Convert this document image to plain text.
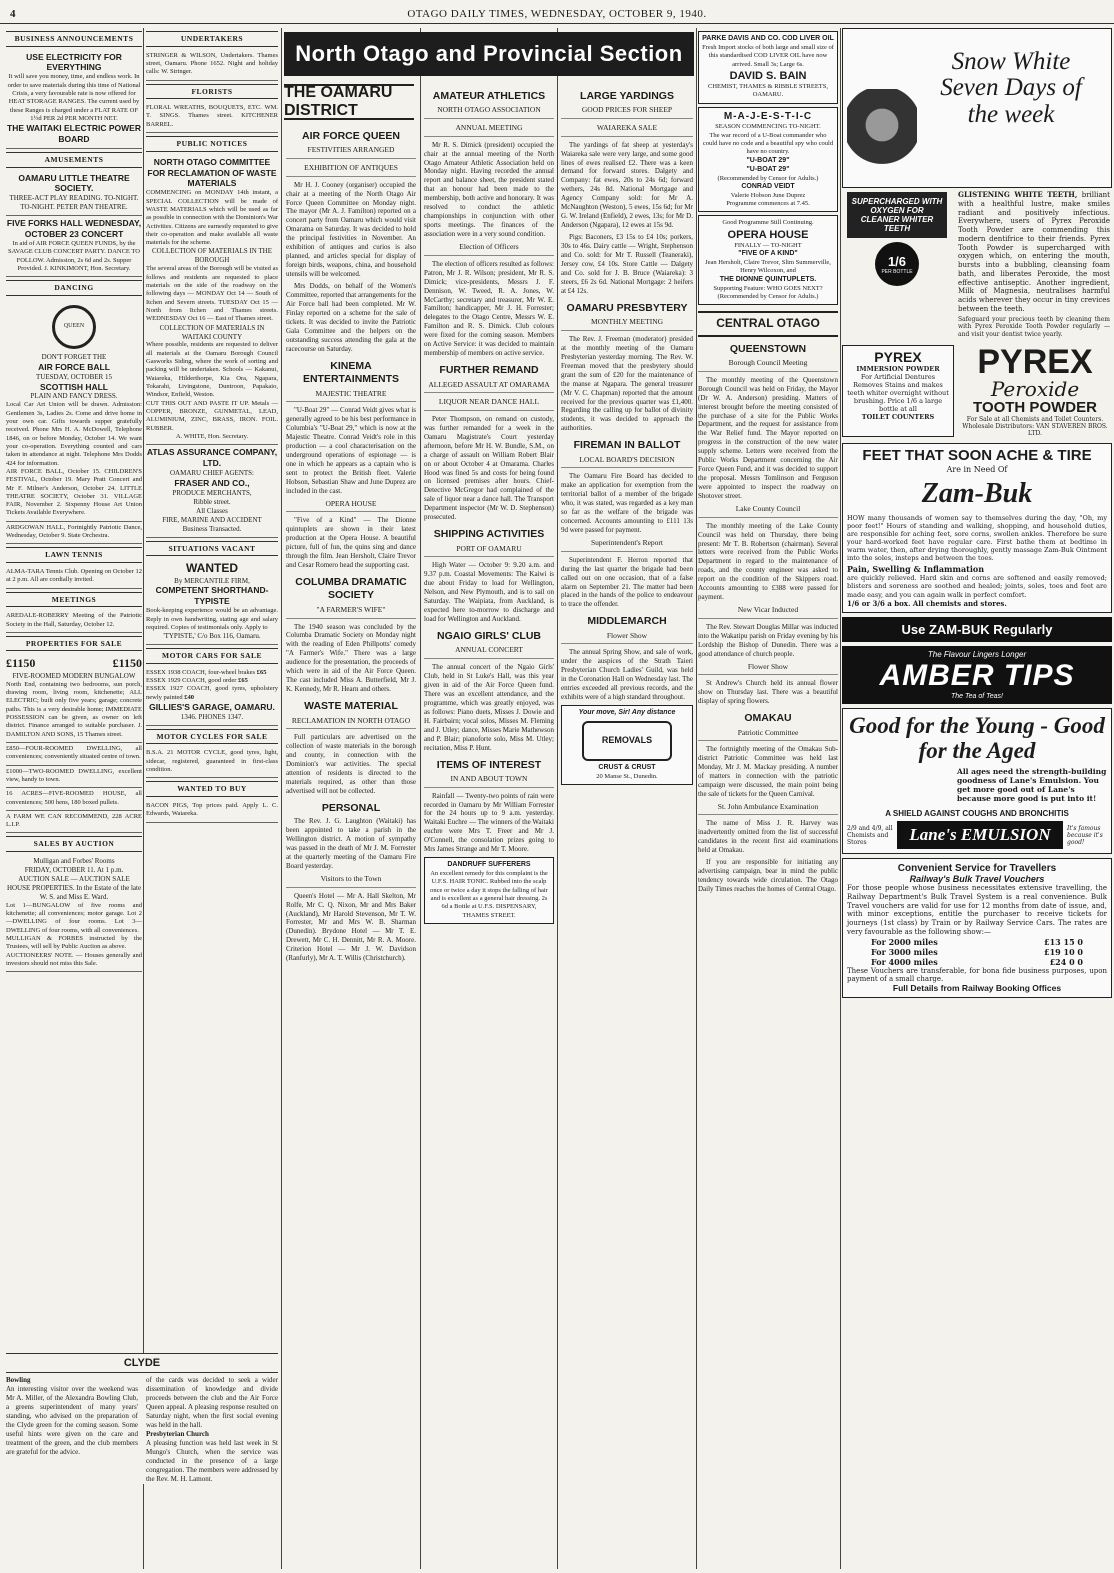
4	OTAGO DAILY TIMES, WEDNESDAY, OCTOBER 9, 1940.
BUSINESS ANNOUNCEMENTS
USE ELECTRICITY FOR EVERYTHING
It will save you money, time, and endless work. In order to save materials during this time of National Crisis, a very favourable rate is now offered for HEAT STORAGE RANGES. The current used by these Ranges is charged under a FLAT RATE OF 1½d PER 2d PER MONTH NET.
THE WAITAKI ELECTRIC POWER BOARD
AMUSEMENTS
OAMARU LITTLE THEATRE SOCIETY.
THREE-ACT PLAY READING. TO-NIGHT. TO-NIGHT. PETER PAN THEATRE.
FIVE FORKS HALL WEDNESDAY, OCTOBER 23 CONCERT
In aid of AIR FORCE QUEEN FUNDS, by the SAVAGE CLUB CONCERT PARTY. DANCE TO FOLLOW. Admission, 2s 6d and 2s. Supper Provided. J. KINKIMONT, Hon. Secretary.
DANCING
QUEEN
DON'T FORGET THE
AIR FORCE BALL
TUESDAY, OCTOBER 15
SCOTTISH HALL
PLAIN AND FANCY DRESS.
Local Car Art Union will be drawn. Admission: Gentlemen 3s, Ladies 2s. Come and drive home in your own car. Gifts towards supper gratefully received. Phone Mrs H. A. McDowell, Telephone 1846, on or before Monday, October 14. We want your co-operation. Everything counted and cars taken in attendance at night. Telephone Mrs Dodds 424 for information.
AIR FORCE BALL, October 15. CHILDREN'S FESTIVAL, October 19. Mary Pratt Concert and Mr F. Milner's Anderson, October 24. LITTLE THEATRE SOCIETY, October 31. VILLAGE FAIR, November 2. Sixpenny House Art Union Tickets Available Everywhere.
ARDGOWAN HALL, Fortnightly Patriotic Dance, Wednesday, October 9. State Orchestra.
LAWN TENNIS
ALMA-TARA Tennis Club. Opening on October 12 at 2 p.m. All are cordially invited.
MEETINGS
AREDALE-ROBERRY Meeting of the Patriotic Society in the Hall, Saturday, October 12.
PROPERTIES FOR SALE
£1150	£1150
FIVE-ROOMED MODERN BUNGALOW
North End, containing two bedrooms, sun porch, drawing room, living room, kitchenette; ALL ELECTRIC; built only five years; garage; concrete paths. This is a very desirable home; IMMEDIATE POSSESSION can be given, as owner on left district. Finance arranged to suitable purchaser. J. DAMILTON AND SONS, 15 Thames street.
£850—FOUR-ROOMED DWELLING, all conveniences; conveniently situated centre of town.
£1000—TWO-ROOMED DWELLING, excellent view, handy to town.
16 ACRES—FIVE-ROOMED HOUSE, all conveniences; 500 hens, 180 boxed pullets.
A FARM WE CAN RECOMMEND, 228 ACRE L.I.P.
SALES BY AUCTION
Mulligan and Forbes' Rooms
FRIDAY, OCTOBER 11. At 1 p.m.
AUCTION SALE — AUCTION SALE HOUSE PROPERTIES. In the Estate of the late W. S. and Miss E. Ward.
Lot 1—BUNGALOW of five rooms and kitchenette; all conveniences; motor garage. Lot 2—DWELLING of four rooms. Lot 3—DWELLING of four rooms, with all conveniences.
MULLIGAN & FORBES instructed by the Trustees, will sell by Public Auction as above.
AUCTIONEERS' NOTE. — Houses generally and investors should not miss this Sale.
UNDERTAKERS
STRINGER & WILSON, Undertakers. Thames street, Oamaru. Phone 1652. Night and holiday calls: W. Stringer.
FLORISTS
FLORAL WREATHS, BOUQUETS, ETC. WM. T. SINGS. Thames street. KITCHENER BARREL.
PUBLIC NOTICES
NORTH OTAGO COMMITTEE FOR RECLAMATION OF WASTE MATERIALS
COMMENCING on MONDAY 14th instant, a SPECIAL COLLECTION will be made of WASTE MATERIALS which will be used as far as possible in connection with the Dominion's War Activities. Citizens are earnestly requested to give their co-operation and make available all waste materials for the scheme.
COLLECTION OF MATERIALS IN THE BOROUGH
The several areas of the Borough will be visited as follows and residents are requested to place materials on the side of the roadway on the following days — MONDAY Oct 14 — South of Itchen and Severn streets. TUESDAY Oct 15 — North from Itchen and Thames streets. WEDNESDAY Oct 16 — East of Thames street.
COLLECTION OF MATERIALS IN WAITAKI COUNTY
Where possible, residents are requested to deliver all materials at the Oamaru Borough Council Gasworks Siding, where the work of sorting and packing will be undertaken. Schools — Kakanui, Waiareka, Hilderthorpe, Kia Ora, Ngapara, Tokarahi, Livingstone, Duntroon, Papakaio, Windsor, Enfield, Weston.
CUT THIS OUT AND PASTE IT UP. Metals — COPPER, BRONZE, GUNMETAL, LEAD, ALUMINIUM, ZINC, BRASS, IRON. FOIL. RUBBER.
A. WHITE, Hon. Secretary.
ATLAS ASSURANCE COMPANY, LTD.
OAMARU CHIEF AGENTS:
FRASER AND CO.,
PRODUCE MERCHANTS,
Ribble street.
All Classes
FIRE, MARINE AND ACCIDENT
Business Transacted.
SITUATIONS VACANT
WANTED
By MERCANTILE FIRM,
COMPETENT SHORTHAND-TYPISTE
Book-keeping experience would be an advantage. Reply in own handwriting, stating age and salary required. Copies of testimonials only. Apply to
'TYPISTE,' C/o Box 116, Oamaru.
MOTOR CARS FOR SALE
ESSEX 1938 COACH, four-wheel brakes £65
ESSEX 1929 COACH, good order £65
ESSEX 1927 COACH, good tyres, upholstery newly painted £40
GILLIES'S GARAGE, OAMARU.
1346. PHONES 1347.
MOTOR CYCLES FOR SALE
B.S.A. 21 MOTOR CYCLE, good tyres, light, sidecar, registered, guaranteed in first-class condition.
WANTED TO BUY
BACON PIGS, Top prices paid. Apply L. C. Edwards, Waiareka.
North Otago and Provincial Section
THE OAMARU DISTRICT
AIR FORCE QUEEN
FESTIVITIES ARRANGED
EXHIBITION OF ANTIQUES
Mr H. J. Cooney (organiser) occupied the chair at a meeting of the North Otago Air Force Queen Committee on Monday night. The mayor (Mr A. J. Familton) reported on a concert party from Oamaru which would visit Omarama on Saturday. It was decided to hold the principal festivities in November. An exhibition of antiques and curios is also planned, and articles special for display of foreign birds, weapons, china, and household utensils will be welcomed.
Mrs Dodds, on behalf of the Women's Committee, reported that arrangements for the Air Force ball had been completed. Mr W. Finlay reported on a scheme for the sale of tickets. It was decided to invite the Patriotic Gala Committee and the helpers on the outstanding success attending the gala at the racecourse on Saturday.
KINEMA ENTERTAINMENTS
MAJESTIC THEATRE
"U-Boat 29" — Conrad Veidt gives what is generally agreed to be his best performance in Columbia's "U-Boat 29," which is now at the Majestic Theatre. Conrad Veidt's role in this production — a cool characterisation on the underground operations of espionage — is one in which he appears as a captain who is sent to protect the British fleet. Valerie Hobson, Sebastian Shaw and June Duprez are included in the cast.
OPERA HOUSE
"Five of a Kind" — The Dionne quintuplets are shown in their latest production at the Opera House. A beautiful picture, full of fun, the quins sing and dance through the film. Jean Hersholt, Claire Trevor and Cesar Romero head the supporting cast.
COLUMBA DRAMATIC SOCIETY
"A FARMER'S WIFE"
The 1940 season was concluded by the Columba Dramatic Society on Monday night with the reading of Eden Phillpotts' comedy "A Farmer's Wife." There was a large audience for the presentation, the proceeds of which were in aid of the Air Force Queen. The cast included Miss A. Butterfield, Mr J. K. Kennedy, Mr R. Hearn and others.
WASTE MATERIAL
RECLAMATION IN NORTH OTAGO
Full particulars are advertised on the collection of waste materials in the borough and county, in connection with the Dominion's war activities. The special attention of residents is directed to the materials required, as other than those advertised will not be collected.
PERSONAL
The Rev. J. G. Laughton (Waitaki) has been appointed to take a parish in the Wellington district. A motion of sympathy was passed in the death of Mr J. M. Forrester at the quarterly meeting of the Oamaru Fire Board yesterday.
Visitors to the Town
Queen's Hotel — Mr A. Hall Skelton, Mr Rolfe, Mr C. Q. Nixon, Mr and Mrs Baker (Auckland), Mr Harold Stevenson, Mr T. W. Forrester, Mr and Mrs W. B. Sharman (Dunedin). Brydone Hotel — Mr T. E. Drewett, Mr C. H. Dennitt, Mr R. A. Moore. Criterion Hotel — Mr J. W. Davidson (Ranfurly), Mr A. T. Willis (Christchurch).
AMATEUR ATHLETICS
NORTH OTAGO ASSOCIATION
ANNUAL MEETING
Mr R. S. Dimick (president) occupied the chair at the annual meeting of the North Otago Amateur Athletic Association held on Monday night. Having recorded the annual report and balance sheet, the president stated that an honour had been made to the membership, both active and honorary. It was resolved to conduct the athletic championships in conjunction with other sports meetings. The finances of the association were in a very sound condition.
Election of Officers
The election of officers resulted as follows: Patron, Mr J. R. Wilson; president, Mr R. S. Dimick; vice-presidents, Messrs J. F. Dennison, W. Tweed, R. A. Jones, W. McCarthy; secretary and treasurer, Mr W. E. Familton; handicapper, Mr J. H. Forrester; delegates to the Otago Centre, Messrs W. E. Familton and R. S. Dimick. Club colours were fixed for the coming season. Members on Active Service: it was decided to maintain membership of members on active service.
FURTHER REMAND
ALLEGED ASSAULT AT OMARAMA
LIQUOR NEAR DANCE HALL
Peter Thompson, on remand on custody, was further remanded for a week in the Oamaru Magistrate's Court yesterday afternoon, before Mr H. W. Bundle, S.M., on a charge of assault on William Robert Blair on or about October 4 at Omarama. Charles Hood was fined 5s and costs for being found on licensed premises after hours. Chief-Detective McGregor had complained of the sale of liquor near a dance hall. The Transport Department inspector (Mr W. D. Stephenson) prosecuted.
SHIPPING ACTIVITIES
PORT OF OAMARU
High Water — October 9: 9.20 a.m. and 9.37 p.m. Coastal Movements: The Kaiwi is due about Friday to load for Wellington, Nelson, and New Plymouth, and is to sail on Saturday. The Waipiata, from Auckland, is expected here to-morrow to discharge and load for Wellington and Auckland.
NGAIO GIRLS' CLUB
ANNUAL CONCERT
The annual concert of the Ngaio Girls' Club, held in St Luke's Hall, was this year given in aid of the Air Force Queen fund. There was an excellent attendance, and the programme, which was greatly enjoyed, was as follows: Piano duets, Misses J. Dowie and H. Fairbairn; vocal solos, Misses M. Fleming and J. Utley; dance, Misses Marie Mathewson and P. Blair; pianoforte solo, Miss M. Utley; recitation, Miss P. Hunt.
ITEMS OF INTEREST
IN AND ABOUT TOWN
Rainfall — Twenty-two points of rain were recorded in Oamaru by Mr William Forrester for the 24 hours up to 9 a.m. yesterday. Waitaki Euchre — The winners of the Waitaki euchre were Mrs T. Freer and Mr J. O'Connell, the consolation prizes going to Mrs James Strange and Mr T. Moore.
DANDRUFF SUFFERERS
An excellent remedy for this complaint is the U.F.S. HAIR TONIC. Rubbed into the scalp once or twice a day it stops the falling of hair and is excellent as a general hair dressing. 2s 6d a Bottle at U.F.S. DISPENSARY, THAMES STREET.
LARGE YARDINGS
GOOD PRICES FOR SHEEP
WAIAREKA SALE
The yardings of fat sheep at yesterday's Waiareka sale were very large, and some good lines of ewes realised £2. There was a keen demand for forward stores. Dalgety and Company: fat ewes, 20s to 24s 6d; forward wethers, 24s 8d. National Mortgage and Agency Company sold: for Mr A. McNaughton (Weston), 5 ewes, 15s 6d; for Mr G. W. Ireland (Enfield), 2 ewes, 13s; for Mr D. Anderson (Ngapara), 12 ewes at 15s 9d.
Pigs: Baconers, £3 15s to £4 10s; porkers, 30s to 46s. Dairy cattle — Wright, Stephenson and Co. sold: for Mr T. Russell (Teaneraki), Jersey cow, £4 10s. Store Cattle — Dalgety and Co. sold for J. B. Bruce (Waiareka): 3 steers, £6 2s 6d. National Mortgage: 2 heifers at £4 12s.
OAMARU PRESBYTERY
MONTHLY MEETING
The Rev. J. Freeman (moderator) presided at the monthly meeting of the Oamaru Presbyterian yesterday morning. The Rev. W. Freeman moved that the presbytery should grant the sum of £20 for the maintenance of the manse at Ngapara. The general treasurer (Mr V. C. Chapman) reported that the amount received for the previous quarter was £1,400. Regarding the calling up for ballot of divinity students, it was decided to approach the authorities.
FIREMAN IN BALLOT
LOCAL BOARD'S DECISION
The Oamaru Fire Board has decided to make an application for exemption from the territorial ballot of a member of the brigade who, it was stated, was regarded as a key man so far as the welfare of the brigade was concerned. Accounts amounting to £111 13s 9d were passed for payment.
Superintendent's Report
Superintendent F. Herron reported that during the last quarter the brigade had been called out on one occasion, that of a false alarm on September 21. The matter had been placed in the hands of the police to endeavour to trace the offender.
MIDDLEMARCH
Flower Show
The annual Spring Show, and sale of work, under the auspices of the Strath Taieri Presbyterian Church Ladies' Guild, was held in the Coronation Hall on Wednesday last. The entries exceeded all previous records, and the exhibits were of a high standard throughout.
Your move, Sir! Any distance
REMOVALS
CRUST & CRUST
20 Manse St., Dunedin.
PARKE DAVIS AND CO. COD LIVER OIL
Fresh Import stocks of both large and small size of this standardised COD LIVER OIL have now arrived. Small 3s; Large 6s.
DAVID S. BAIN
CHEMIST, THAMES & RIBBLE STREETS, OAMARU.
M-A-J-E-S-T-I-C
SEASON COMMENCING TO-NIGHT.
The war record of a U-Boat commander who could have no code and a beautiful spy who could have no country.
"U-BOAT 29"
"U-BOAT 29"
(Recommended by Censor for Adults.)
CONRAD VEIDT
Valerie Hobson June Duprez
Programme commences at 7.45.
Good Programme Still Continuing.
OPERA HOUSE
FINALLY — TO-NIGHT
"FIVE OF A KIND"
Jean Hersholt, Claire Trevor, Slim Summerville, Henry Wilcoxon, and
THE DIONNE QUINTUPLETS.
Supporting Feature: WHO GOES NEXT?
(Recommended by Censor for Adults.)
CENTRAL OTAGO
QUEENSTOWN
Borough Council Meeting
The monthly meeting of the Queenstown Borough Council was held on Friday, the Mayor (Dr W. A. Anderson) presiding. Matters of interest brought before the meeting consisted of the purchase of a site for the Public Works Department, and the request for assistance from the War Relief fund. The Mayor reported on progress in the construction of the new water supply scheme. Letters were received from the Public Works Department concerning the Air Force Queen Fund, and it was decided to support the proposal. Messrs Tomlinson and Ferguson were appointed to inspect the roadway on Shotover street.
Lake County Council
The monthly meeting of the Lake County Council was held on Thursday, there being present: Mr T. B. Robertson (chairman). Several letters were received from the Public Works Department in regard to the maintenance of roads, and the county engineer was asked to report on the condition of the Skippers road. Accounts amounting to £388 were passed for payment.
New Vicar Inducted
The Rev. Stewart Douglas Millar was inducted into the Wakatipu parish on Friday evening by his Lordship the Bishop of Dunedin. There was a good attendance of church people.
Flower Show
St Andrew's Church held its annual flower show on Thursday last. There was a beautiful display of spring flowers.
OMAKAU
Patriotic Committee
The fortnightly meeting of the Omakau Sub-district Patriotic Committee was held last Monday, Mr J. M. Mackay presiding. A number of matters in connection with the patriotic campaign were discussed, the main point being the sale of tickets for the Queen Carnival.
St. John Ambulance Examination
The name of Miss J. R. Harvey was inadvertently omitted from the list of successful candidates in the recent first aid examinations held at Omakau.
If you are responsible for initiating any advertising campaign, bear in mind the public tendency towards wide circulation. The Otago Daily Times reaches the homes of Central Otago.
Snow White Seven Days of the week
SUPERCHARGED WITH OXYGEN FOR CLEANER WHITER TEETH
1/6
PER BOTTLE
GLISTENING WHITE TEETH, brilliant with a healthful lustre, make smiles radiant and positively infectious. Everywhere, users of Pyrex Peroxide Tooth Powder are commending this modern dentifrice to their friends. Pyrex Tooth Powder is supercharged with oxygen which, on entering the mouth, bursts into a bubbling, cleansing foam bath, and liberates Peroxide, the most effective antiseptic. Another ingredient, Milk of Magnesia, neutralises harmful acids wherever they occur in tiny crevices between the teeth.
Safeguard your precious teeth by cleaning them with Pyrex Peroxide Tooth Powder regularly — and visit your dentist twice yearly.
PYREX
IMMERSION POWDER
For Artificial Dentures
Removes Stains and makes teeth whiter overnight without brushing. Price 1/6 a large bottle at all
TOILET COUNTERS
PYREX
Peroxide
TOOTH POWDER
For Sale at all Chemists and Toilet Counters.
Wholesale Distributors: VAN STAVEREN BROS. LTD.
FEET THAT SOON ACHE & TIRE
Are in Need Of
Zam-Buk
HOW many thousands of women say to themselves during the day, "Oh, my poor feet!" Hours of standing and walking, shopping, and household duties, are responsible for aching feet, sore corns, swollen ankles. Therefore be sure your hard-worked feet have regular care. First bathe them at bedtime in warm water, then, after drying thoroughly, gently massage Zam-Buk Ointment into the soles, insteps and between the toes.
Pain, Swelling & Inflammation
are quickly relieved. Hard skin and corns are softened and easily removed; blisters and soreness are soothed and healed; joints, soles, toes and feet are made easy, and you can again walk in perfect comfort.
1/6 or 3/6 a box. All chemists and stores.
Use ZAM-BUK Regularly
The Flavour Lingers Longer
AMBER TIPS
The Tea of Teas!
Good for the Young - Good for the Aged
All ages need the strength-building goodness of Lane's Emulsion. You get more good out of Lane's because more good is put into it!
A SHIELD AGAINST COUGHS AND BRONCHITIS
2/9 and 4/9, all Chemists and Stores	Lane's EMULSION	It's famous because it's good!
Convenient Service for Travellers
Railway's Bulk Travel Vouchers
For those people whose business necessitates extensive travelling, the Railway Department's Bulk Travel System is a real convenience. Bulk Travel vouchers are valid for use for 12 months from date of issue, and, with minor exceptions, entitle the purchaser to receive tickets for journeys (1st class) by Train or by Railway Service Cars. The rates are very favourable as the following show:—
For 2000 miles	£13 15 0
For 3000 miles	£19 10 0
For 4000 miles	£24 0 0
These Vouchers are transferable, for bona fide business purposes, upon payment of a small charge.
Full Details from Railway Booking Offices
CLYDE
Bowling
An interesting visitor over the weekend was Mr A. Miller, of the Alexandra Bowling Club, a greens superintendent of many years' standing, who advised on the preparation of the Clyde green for the coming season. Some useful hints were given on the care and treatment of the green, and the club members are grateful for the advice.
of the cards was decided to seek a wider dissemination of knowledge and divide proceeds between the club and the Air Force Queen appeal. A pleasing response resulted on Saturday night, when the first social evening was held in the hall.
Presbyterian Church
A pleasing function was held last week in St Mungo's Church, when the service was conducted in the presence of a large congregation. The members were addressed by the Rev. M. H. Lamont.
